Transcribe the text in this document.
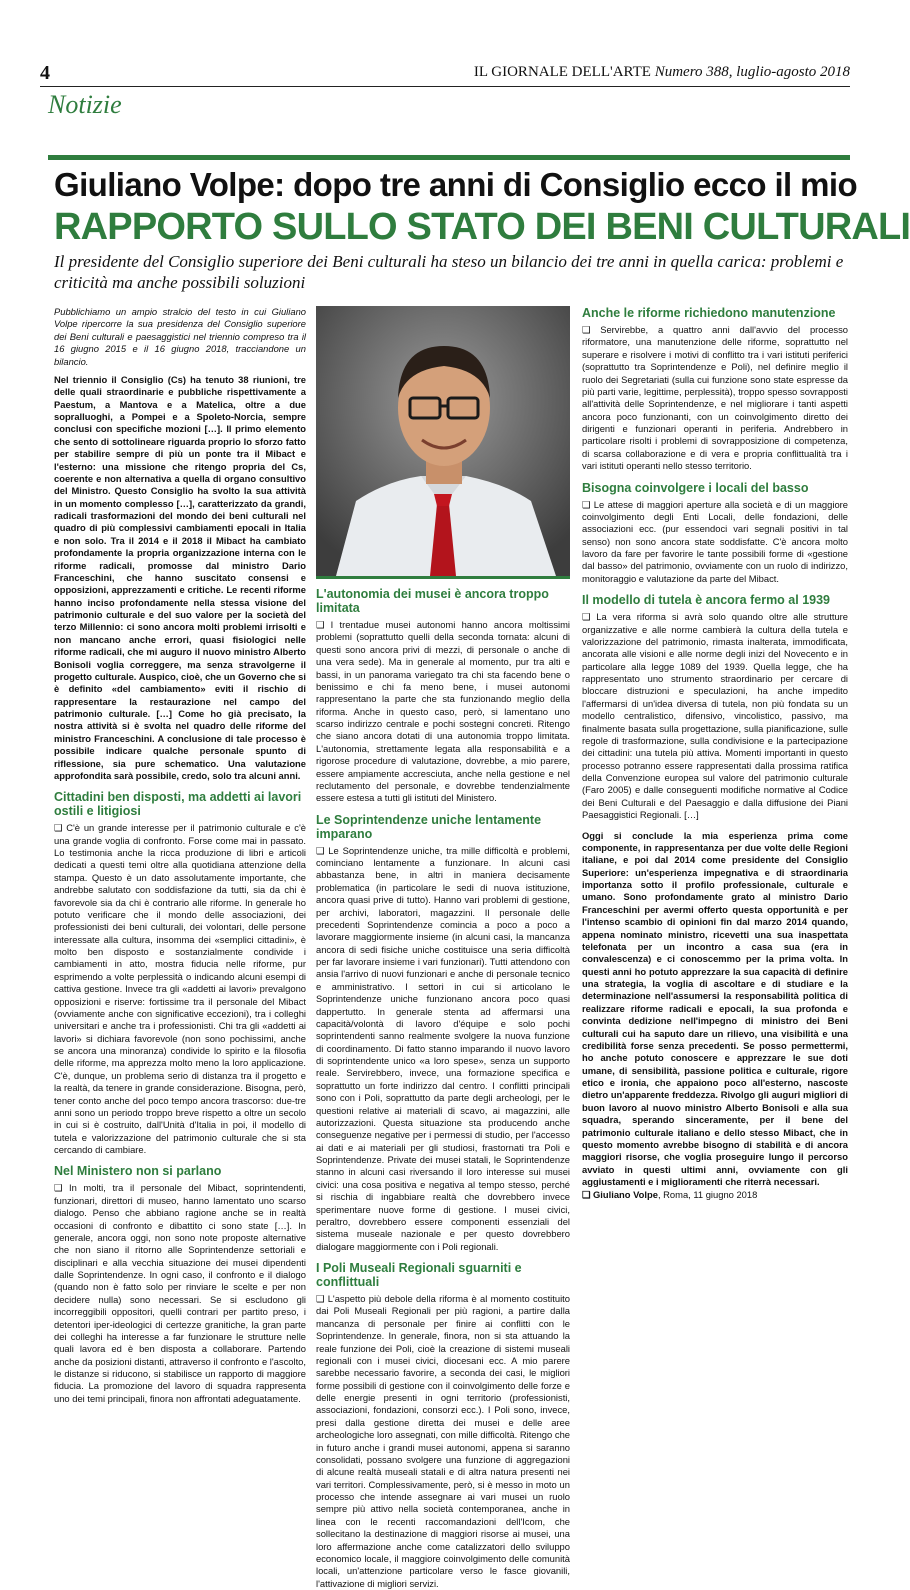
4	IL GIORNALE DELL'ARTE Numero 388, luglio-agosto 2018
Notizie
Giuliano Volpe: dopo tre anni di Consiglio ecco il mio
RAPPORTO SULLO STATO DEI BENI CULTURALI
Il presidente del Consiglio superiore dei Beni culturali ha steso un bilancio dei tre anni in quella carica: problemi e criticità ma anche possibili soluzioni

Pubblichiamo un ampio stralcio del testo in cui Giuliano Volpe ripercorre la sua presidenza del Consiglio superiore dei Beni culturali e paesaggistici nel triennio compreso tra il 16 giugno 2015 e il 16 giugno 2018, tracciandone un bilancio.

Nel triennio il Consiglio (Cs) ha tenuto 38 riunioni, tre delle quali straordinarie e pubbliche rispettivamente a Paestum, a Mantova e a Matelica, oltre a due sopralluoghi, a Pompei e a Spoleto-Norcia, sempre conclusi con specifiche mozioni […]. Il primo elemento che sento di sottolineare riguarda proprio lo sforzo fatto per stabilire sempre di più un ponte tra il Mibact e l'esterno: una missione che ritengo propria del Cs, coerente e non alternativa a quella di organo consultivo del Ministro. Questo Consiglio ha svolto la sua attività in un momento complesso […], caratterizzato da grandi, radicali trasformazioni del mondo dei beni culturali nel quadro di più complessivi cambiamenti epocali in Italia e non solo. Tra il 2014 e il 2018 il Mibact ha cambiato profondamente la propria organizzazione interna con le riforme radicali, promosse dal ministro Dario Franceschini, che hanno suscitato consensi e opposizioni, apprezzamenti e critiche. Le recenti riforme hanno inciso profondamente nella stessa visione del patrimonio culturale e del suo valore per la società del terzo Millennio: ci sono ancora molti problemi irrisolti e non mancano anche errori, quasi fisiologici nelle riforme radicali, che mi auguro il nuovo ministro Alberto Bonisoli voglia correggere, ma senza stravolgerne il progetto culturale. Auspico, cioè, che un Governo che si è definito «del cambiamento» eviti il rischio di rappresentare la restaurazione nel campo del patrimonio culturale. […] Come ho già precisato, la nostra attività si è svolta nel quadro delle riforme del ministro Franceschini. A conclusione di tale processo è possibile indicare qualche personale spunto di riflessione, sia pure schematico. Una valutazione approfondita sarà possibile, credo, solo tra alcuni anni.

Cittadini ben disposti, ma addetti ai lavori ostili e litigiosi

❑ C'è un grande interesse per il patrimonio culturale e c'è una grande voglia di confronto. Forse come mai in passato. Lo testimonia anche la ricca produzione di libri e articoli dedicati a questi temi oltre alla quotidiana attenzione della stampa. Questo è un dato assolutamente importante, che andrebbe salutato con soddisfazione da tutti, sia da chi è favorevole sia da chi è contrario alle riforme. In generale ho potuto verificare che il mondo delle associazioni, dei professionisti dei beni culturali, dei volontari, delle persone interessate alla cultura, insomma dei «semplici cittadini», è molto ben disposto e sostanzialmente condivide i cambiamenti in atto, mostra fiducia nelle riforme, pur esprimendo a volte perplessità o indicando alcuni esempi di cattiva gestione. Invece tra gli «addetti ai lavori» prevalgono opposizioni e riserve: fortissime tra il personale del Mibact (ovviamente anche con significative eccezioni), tra i colleghi universitari e anche tra i professionisti. Chi tra gli «addetti ai lavori» si dichiara favorevole (non sono pochissimi, anche se ancora una minoranza) condivide lo spirito e la filosofia delle riforme, ma apprezza molto meno la loro applicazione. C'è, dunque, un problema serio di distanza tra il progetto e la realtà, da tenere in grande considerazione. Bisogna, però, tener conto anche del poco tempo ancora trascorso: due-tre anni sono un periodo troppo breve rispetto a oltre un secolo in cui si è costruito, dall'Unità d'Italia in poi, il modello di tutela e valorizzazione del patrimonio culturale che si sta cercando di cambiare.

Nel Ministero non si parlano

❑ In molti, tra il personale del Mibact, soprintendenti, funzionari, direttori di museo, hanno lamentato uno scarso dialogo. Penso che abbiano ragione anche se in realtà occasioni di confronto e dibattito ci sono state […]. In generale, ancora oggi, non sono note proposte alternative che non siano il ritorno alle Soprintendenze settoriali e disciplinari e alla vecchia situazione dei musei dipendenti dalle Soprintendenze. In ogni caso, il confronto e il dialogo (quando non è fatto solo per rinviare le scelte e per non decidere nulla) sono necessari. Se si escludono gli incorreggibili oppositori, quelli contrari per partito preso, i detentori iper-ideologici di certezze granitiche, la gran parte dei colleghi ha interesse a far funzionare le strutture nelle quali lavora ed è ben disposta a collaborare. Partendo anche da posizioni distanti, attraverso il confronto e l'ascolto, le distanze si riducono, si stabilisce un rapporto di maggiore fiducia. La promozione del lavoro di squadra rappresenta uno dei temi principali, finora non affrontati adeguatamente.

L'autonomia dei musei è ancora troppo limitata

❑ I trentadue musei autonomi hanno ancora moltissimi problemi (soprattutto quelli della seconda tornata: alcuni di questi sono ancora privi di mezzi, di personale o anche di una vera sede). Ma in generale al momento, pur tra alti e bassi, in un panorama variegato tra chi sta facendo bene o benissimo e chi fa meno bene, i musei autonomi rappresentano la parte che sta funzionando meglio della riforma. Anche in questo caso, però, si lamentano uno scarso indirizzo centrale e pochi sostegni concreti. Ritengo che siano ancora dotati di una autonomia troppo limitata. L'autonomia, strettamente legata alla responsabilità e a rigorose procedure di valutazione, dovrebbe, a mio parere, essere ampiamente accresciuta, anche nella gestione e nel reclutamento del personale, e dovrebbe tendenzialmente essere estesa a tutti gli istituti del Ministero.

Le Soprintendenze uniche lentamente imparano

❑ Le Soprintendenze uniche, tra mille difficoltà e problemi, cominciano lentamente a funzionare. In alcuni casi abbastanza bene, in altri in maniera decisamente problematica (in particolare le sedi di nuova istituzione, ancora quasi prive di tutto). Hanno vari problemi di gestione, per archivi, laboratori, magazzini. Il personale delle precedenti Soprintendenze comincia a poco a poco a lavorare maggiormente insieme (in alcuni casi, la mancanza ancora di sedi fisiche uniche costituisce una seria difficoltà per far lavorare insieme i vari funzionari). Tutti attendono con ansia l'arrivo di nuovi funzionari e anche di personale tecnico e amministrativo. I settori in cui si articolano le Soprintendenze uniche funzionano ancora poco quasi dappertutto. In generale stenta ad affermarsi una capacità/volontà di lavoro d'équipe e solo pochi soprintendenti sanno realmente svolgere la nuova funzione di coordinamento. Di fatto stanno imparando il nuovo lavoro di soprintendente unico «a loro spese», senza un supporto reale. Servirebbero, invece, una formazione specifica e soprattutto un forte indirizzo dal centro. I conflitti principali sono con i Poli, soprattutto da parte degli archeologi, per le questioni relative ai materiali di scavo, ai magazzini, alle autorizzazioni. Questa situazione sta producendo anche conseguenze negative per i permessi di studio, per l'accesso ai dati e ai materiali per gli studiosi, frastornati tra Poli e Soprintendenze. Private dei musei statali, le Soprintendenze stanno in alcuni casi riversando il loro interesse sui musei civici: una cosa positiva e negativa al tempo stesso, perché si rischia di ingabbiare realtà che dovrebbero invece sperimentare nuove forme di gestione. I musei civici, peraltro, dovrebbero essere componenti essenziali del sistema museale nazionale e per questo dovrebbero dialogare maggiormente con i Poli regionali.

I Poli Museali Regionali sguarniti e conflittuali

❑ L'aspetto più debole della riforma è al momento costituito dai Poli Museali Regionali per più ragioni, a partire dalla mancanza di personale per finire ai conflitti con le Soprintendenze. In generale, finora, non si sta attuando la reale funzione dei Poli, cioè la creazione di sistemi museali regionali con i musei civici, diocesani ecc. A mio parere sarebbe necessario favorire, a seconda dei casi, le migliori forme possibili di gestione con il coinvolgimento delle forze e delle energie presenti in ogni territorio (professionisti, associazioni, fondazioni, consorzi ecc.). I Poli sono, invece, presi dalla gestione diretta dei musei e delle aree archeologiche loro assegnati, con mille difficoltà. Ritengo che in futuro anche i grandi musei autonomi, appena si saranno consolidati, possano svolgere una funzione di aggregazioni di alcune realtà museali statali e di altra natura presenti nei vari territori. Complessivamente, però, si è messo in moto un processo che intende assegnare ai vari musei un ruolo sempre più attivo nella società contemporanea, anche in linea con le recenti raccomandazioni dell'Icom, che sollecitano la destinazione di maggiori risorse ai musei, una loro affermazione anche come catalizzatori dello sviluppo economico locale, il maggiore coinvolgimento delle comunità locali, un'attenzione particolare verso le fasce giovanili, l'attivazione di migliori servizi.

Anche le riforme richiedono manutenzione

❑ Servirebbe, a quattro anni dall'avvio del processo riformatore, una manutenzione delle riforme, soprattutto nel superare e risolvere i motivi di conflitto tra i vari istituti periferici (soprattutto tra Soprintendenze e Poli), nel definire meglio il ruolo dei Segretariati (sulla cui funzione sono state espresse da più parti varie, legittime, perplessità), troppo spesso sovrapposti all'attività delle Soprintendenze, e nel migliorare i tanti aspetti ancora poco funzionanti, con un coinvolgimento diretto dei dirigenti e funzionari operanti in periferia. Andrebbero in particolare risolti i problemi di sovrapposizione di competenza, di scarsa collaborazione e di vera e propria conflittualità tra i vari istituti operanti nello stesso territorio.

Bisogna coinvolgere i locali del basso

❑ Le attese di maggiori aperture alla società e di un maggiore coinvolgimento degli Enti Locali, delle fondazioni, delle associazioni ecc. (pur essendoci vari segnali positivi in tal senso) non sono ancora state soddisfatte. C'è ancora molto lavoro da fare per favorire le tante possibili forme di «gestione dal basso» del patrimonio, ovviamente con un ruolo di indirizzo, monitoraggio e valutazione da parte del Mibact.

Il modello di tutela è ancora fermo al 1939

❑ La vera riforma si avrà solo quando oltre alle strutture organizzative e alle norme cambierà la cultura della tutela e valorizzazione del patrimonio, rimasta inalterata, immodificata, ancorata alle visioni e alle norme degli inizi del Novecento e in particolare alla legge 1089 del 1939. Quella legge, che ha rappresentato uno strumento straordinario per cercare di bloccare distruzioni e speculazioni, ha anche impedito l'affermarsi di un'idea diversa di tutela, non più fondata su un modello centralistico, difensivo, vincolistico, passivo, ma finalmente basata sulla progettazione, sulla pianificazione, sulle regole di trasformazione, sulla condivisione e la partecipazione dei cittadini: una tutela più attiva. Momenti importanti in questo processo potranno essere rappresentati dalla prossima ratifica della Convenzione europea sul valore del patrimonio culturale (Faro 2005) e dalle conseguenti modifiche normative al Codice dei Beni Culturali e del Paesaggio e dalla diffusione dei Piani Paesaggistici Regionali. […]

Oggi si conclude la mia esperienza prima come componente, in rappresentanza per due volte delle Regioni italiane, e poi dal 2014 come presidente del Consiglio Superiore: un'esperienza impegnativa e di straordinaria importanza sotto il profilo professionale, culturale e umano. Sono profondamente grato al ministro Dario Franceschini per avermi offerto questa opportunità e per l'intenso scambio di opinioni fin dal marzo 2014 quando, appena nominato ministro, ricevetti una sua inaspettata telefonata per un incontro a casa sua (era in convalescenza) e ci conoscemmo per la prima volta. In questi anni ho potuto apprezzare la sua capacità di definire una strategia, la voglia di ascoltare e di studiare e la determinazione nell'assumersi la responsabilità politica di realizzare riforme radicali e epocali, la sua profonda e convinta dedizione nell'impegno di ministro dei Beni culturali cui ha saputo dare un rilievo, una visibilità e una credibilità forse senza precedenti. Se posso permettermi, ho anche potuto conoscere e apprezzare le sue doti umane, di sensibilità, passione politica e culturale, rigore etico e ironia, che appaiono poco all'esterno, nascoste dietro un'apparente freddezza. Rivolgo gli auguri migliori di buon lavoro al nuovo ministro Alberto Bonisoli e alla sua squadra, sperando sinceramente, per il bene del patrimonio culturale italiano e dello stesso Mibact, che in questo momento avrebbe bisogno di stabilità e di ancora maggiori risorse, che voglia proseguire lungo il percorso avviato in questi ultimi anni, ovviamente con gli aggiustamenti e i miglioramenti che riterrà necessari.

❑ Giuliano Volpe, Roma, 11 giugno 2018
